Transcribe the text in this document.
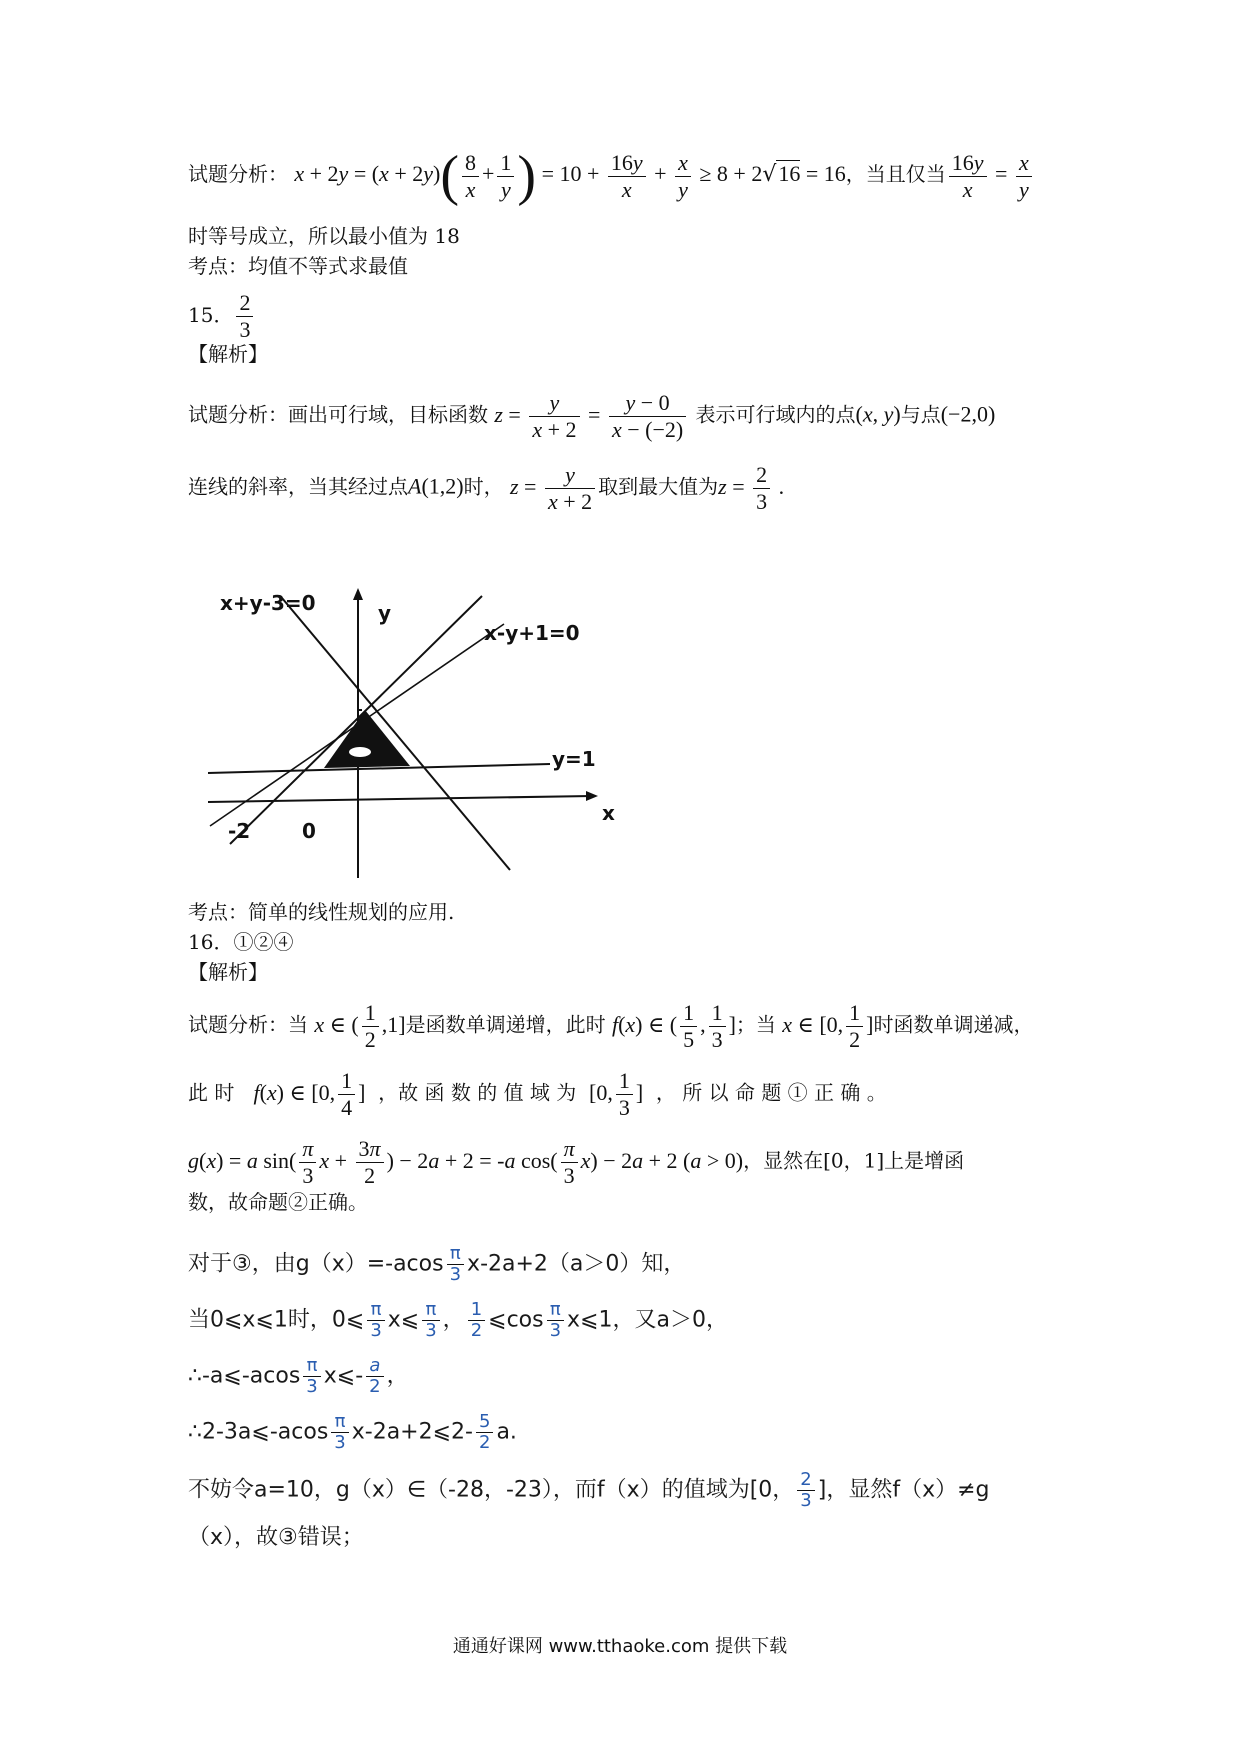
试题分析： $x + 2y = (x + 2y)( \frac{8}{x} + \frac{1}{y}$ ) = $10 + \frac{16y}{x} + \frac{x}{y} \ge 8 + 2√16 = 16$，当且仅当 $\frac{16y}{x} = \frac{x}{y}$
时等号成立，所以最小值为 18
考点：均值不等式求最值
15． $\frac{2}{3}$
【解析】
试题分析：画出可行域，目标函数 $z = \frac{y}{x + 2} = \frac{y - 0}{x - (-2)}$ 表示可行域内的点(x, y)与点(−2,0)
连线的斜率，当其经过点A(1,2)时， $z = \frac{y}{x + 2}$ 取到最大值为$z = \frac{2}{3}$ .
x+y-3=0	y
x-y+1=0
y=1
x
-2	0
考点：简单的线性规划的应用.
16．①②④
【解析】
试题分析：当 x ∈ ( $\frac{1}{2} ,1$]是函数单调递增，此时 f(x) ∈ ( $\frac{1}{5}$ , $\frac{1}{3}$ ]；当 x ∈ [0, $\frac{1}{2}$ ]时函数单调递减，
此 时 f(x) ∈ [0, $\frac{1}{4}$ ] ，故 函 数 的 值 域 为 [0, $\frac{1}{3}$ ] ， 所 以 命 题 ① 正 确 。
g(x) = a $\sin( \frac{\pi}{3}$ $x + \frac{3\pi}{2}$ ) − 2a + 2 = -a $\cos( \frac{\pi}{3} x) - 2a + 2$ (a > 0)，显然在[0，1]上是增函
数，故命题②正确。
对于③，由$g(x)=-acos \frac{\pi}{3} x-2a+2(a>0)$知，
当0⩽x⩽1时，0⩽ $\frac{\pi}{3}$ x⩽ $\frac{\pi}{3}$ ， $\frac{1}{2}$ ⩽cos $\frac{\pi}{3}$ x⩽1，又a＞0，
∴-a⩽-acos $\frac{\pi}{3}$ x⩽- $\frac{a}{2}$ ，
∴2-3a⩽-acos $\frac{\pi}{3}$ x-2a+2⩽2- $\frac{5}{2} a$.
不妨令a=10，g（x）∈（-28，-23），而f（x）的值域为[0， $\frac{2}{3}$ ]，显然f（x）≠g
（x），故③错误；
通通好课网 www.tthaoke.com 提供下载
